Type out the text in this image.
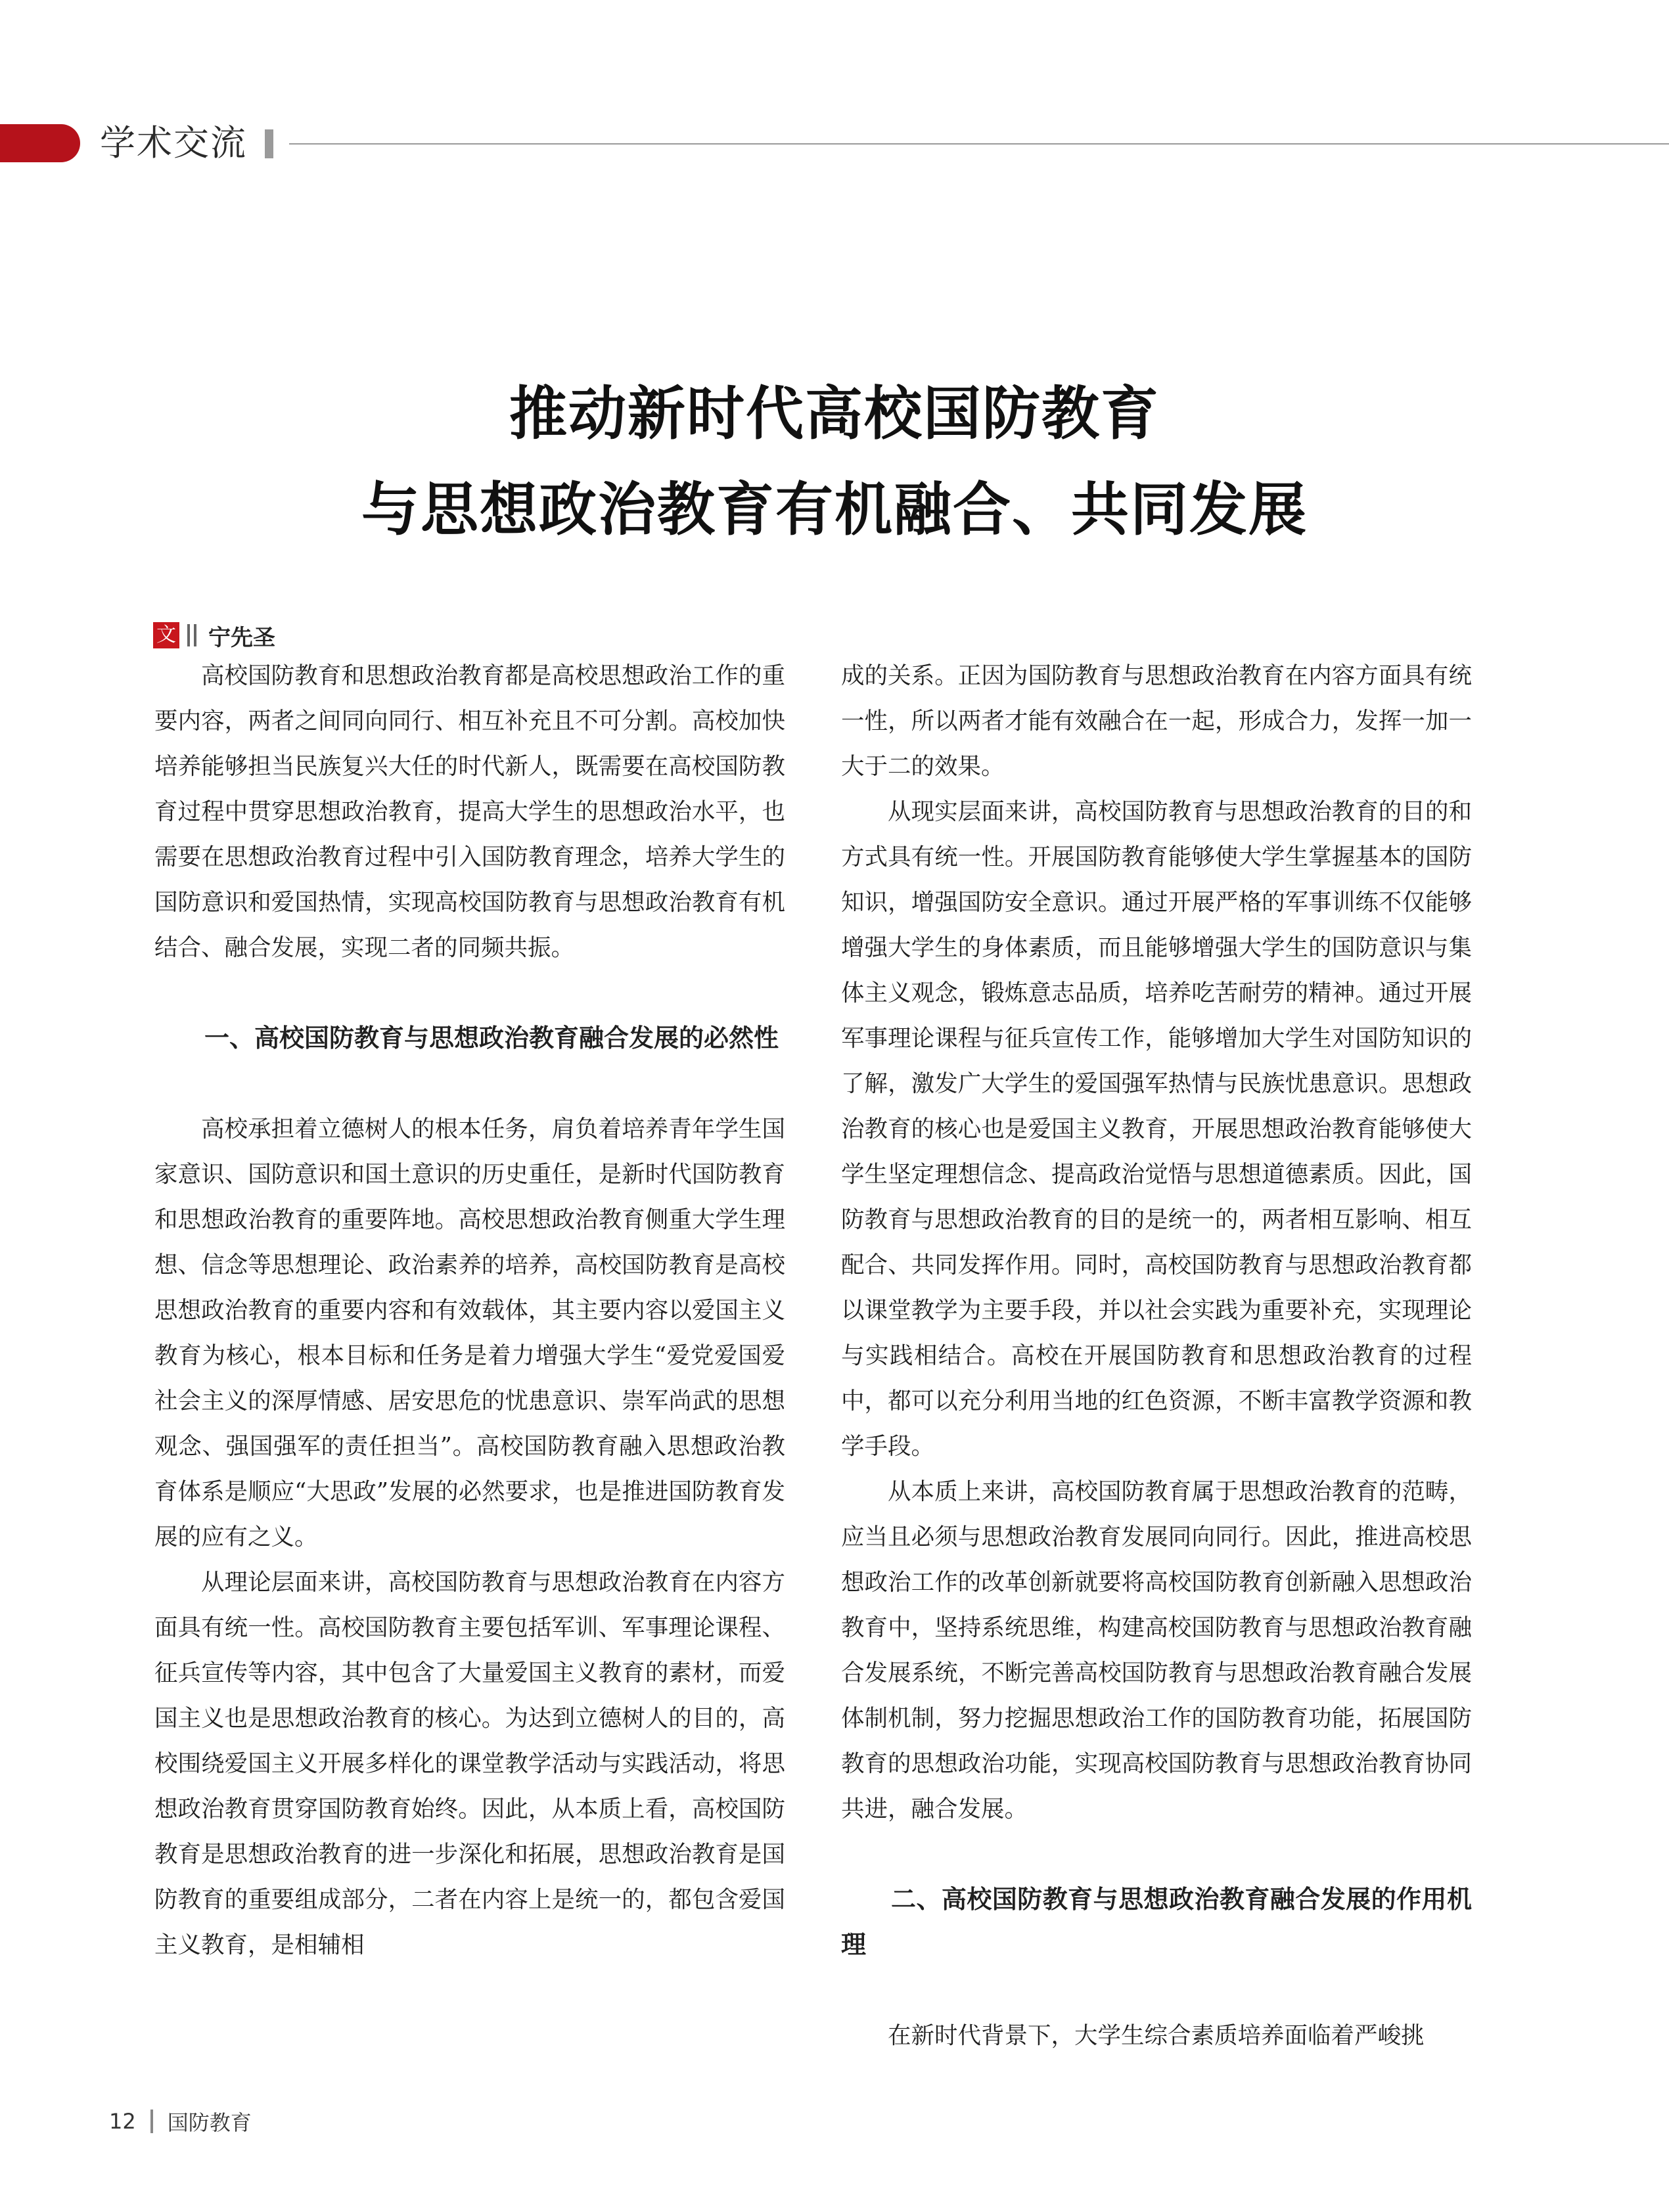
学术交流
推动新时代高校国防教育
与思想政治教育有机融合、共同发展
文 宁先圣

高校国防教育和思想政治教育都是高校思想政治工作的重要内容，两者之间同向同行、相互补充且不可分割。高校加快培养能够担当民族复兴大任的时代新人，既需要在高校国防教育过程中贯穿思想政治教育，提高大学生的思想政治水平，也需要在思想政治教育过程中引入国防教育理念，培养大学生的国防意识和爱国热情，实现高校国防教育与思想政治教育有机结合、融合发展，实现二者的同频共振。

一、高校国防教育与思想政治教育融合发展的必然性

高校承担着立德树人的根本任务，肩负着培养青年学生国家意识、国防意识和国土意识的历史重任，是新时代国防教育和思想政治教育的重要阵地。高校思想政治教育侧重大学生理想、信念等思想理论、政治素养的培养，高校国防教育是高校思想政治教育的重要内容和有效载体，其主要内容以爱国主义教育为核心，根本目标和任务是着力增强大学生“爱党爱国爱社会主义的深厚情感、居安思危的忧患意识、崇军尚武的思想观念、强国强军的责任担当”。高校国防教育融入思想政治教育体系是顺应“大思政”发展的必然要求，也是推进国防教育发展的应有之义。

从理论层面来讲，高校国防教育与思想政治教育在内容方面具有统一性。高校国防教育主要包括军训、军事理论课程、征兵宣传等内容，其中包含了大量爱国主义教育的素材，而爱国主义也是思想政治教育的核心。为达到立德树人的目的，高校围绕爱国主义开展多样化的课堂教学活动与实践活动，将思想政治教育贯穿国防教育始终。因此，从本质上看，高校国防教育是思想政治教育的进一步深化和拓展，思想政治教育是国防教育的重要组成部分，二者在内容上是统一的，都包含爱国主义教育，是相辅相

成的关系。正因为国防教育与思想政治教育在内容方面具有统一性，所以两者才能有效融合在一起，形成合力，发挥一加一大于二的效果。

从现实层面来讲，高校国防教育与思想政治教育的目的和方式具有统一性。开展国防教育能够使大学生掌握基本的国防知识，增强国防安全意识。通过开展严格的军事训练不仅能够增强大学生的身体素质，而且能够增强大学生的国防意识与集体主义观念，锻炼意志品质，培养吃苦耐劳的精神。通过开展军事理论课程与征兵宣传工作，能够增加大学生对国防知识的了解，激发广大学生的爱国强军热情与民族忧患意识。思想政治教育的核心也是爱国主义教育，开展思想政治教育能够使大学生坚定理想信念、提高政治觉悟与思想道德素质。因此，国防教育与思想政治教育的目的是统一的，两者相互影响、相互配合、共同发挥作用。同时，高校国防教育与思想政治教育都以课堂教学为主要手段，并以社会实践为重要补充，实现理论与实践相结合。高校在开展国防教育和思想政治教育的过程中，都可以充分利用当地的红色资源，不断丰富教学资源和教学手段。

从本质上来讲，高校国防教育属于思想政治教育的范畴，应当且必须与思想政治教育发展同向同行。因此，推进高校思想政治工作的改革创新就要将高校国防教育创新融入思想政治教育中，坚持系统思维，构建高校国防教育与思想政治教育融合发展系统，不断完善高校国防教育与思想政治教育融合发展体制机制，努力挖掘思想政治工作的国防教育功能，拓展国防教育的思想政治功能，实现高校国防教育与思想政治教育协同共进，融合发展。

二、高校国防教育与思想政治教育融合发展的作用机理

在新时代背景下，大学生综合素质培养面临着严峻挑

12 国防教育
